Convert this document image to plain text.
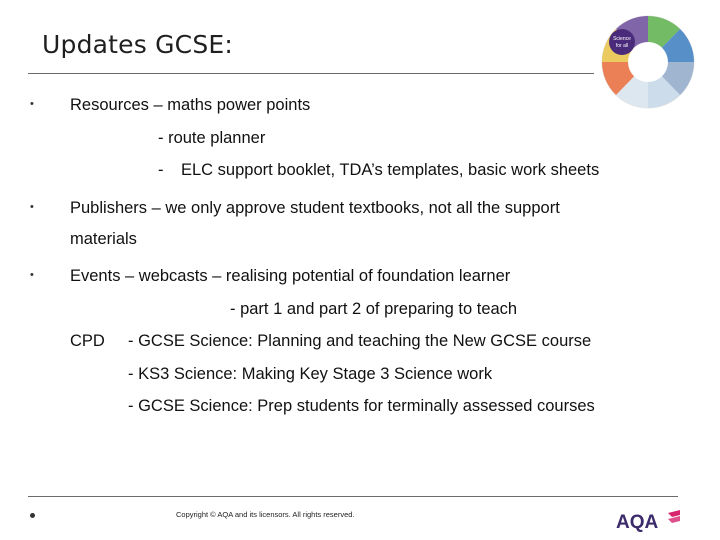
Updates GCSE:	Science
for all
• Resources – maths power points
- route planner
- ELC support booklet, TDA’s templates, basic work sheets
• Publishers – we only approve student textbooks, not all the support
materials
• Events – webcasts – realising potential of foundation learner
- part 1 and part 2 of preparing to teach
CPD - GCSE Science: Planning and teaching the New GCSE course
- KS3 Science: Making Key Stage 3 Science work
- GCSE Science: Prep students for terminally assessed courses
Copyright © AQA and its licensors. All rights reserved.	AQA
